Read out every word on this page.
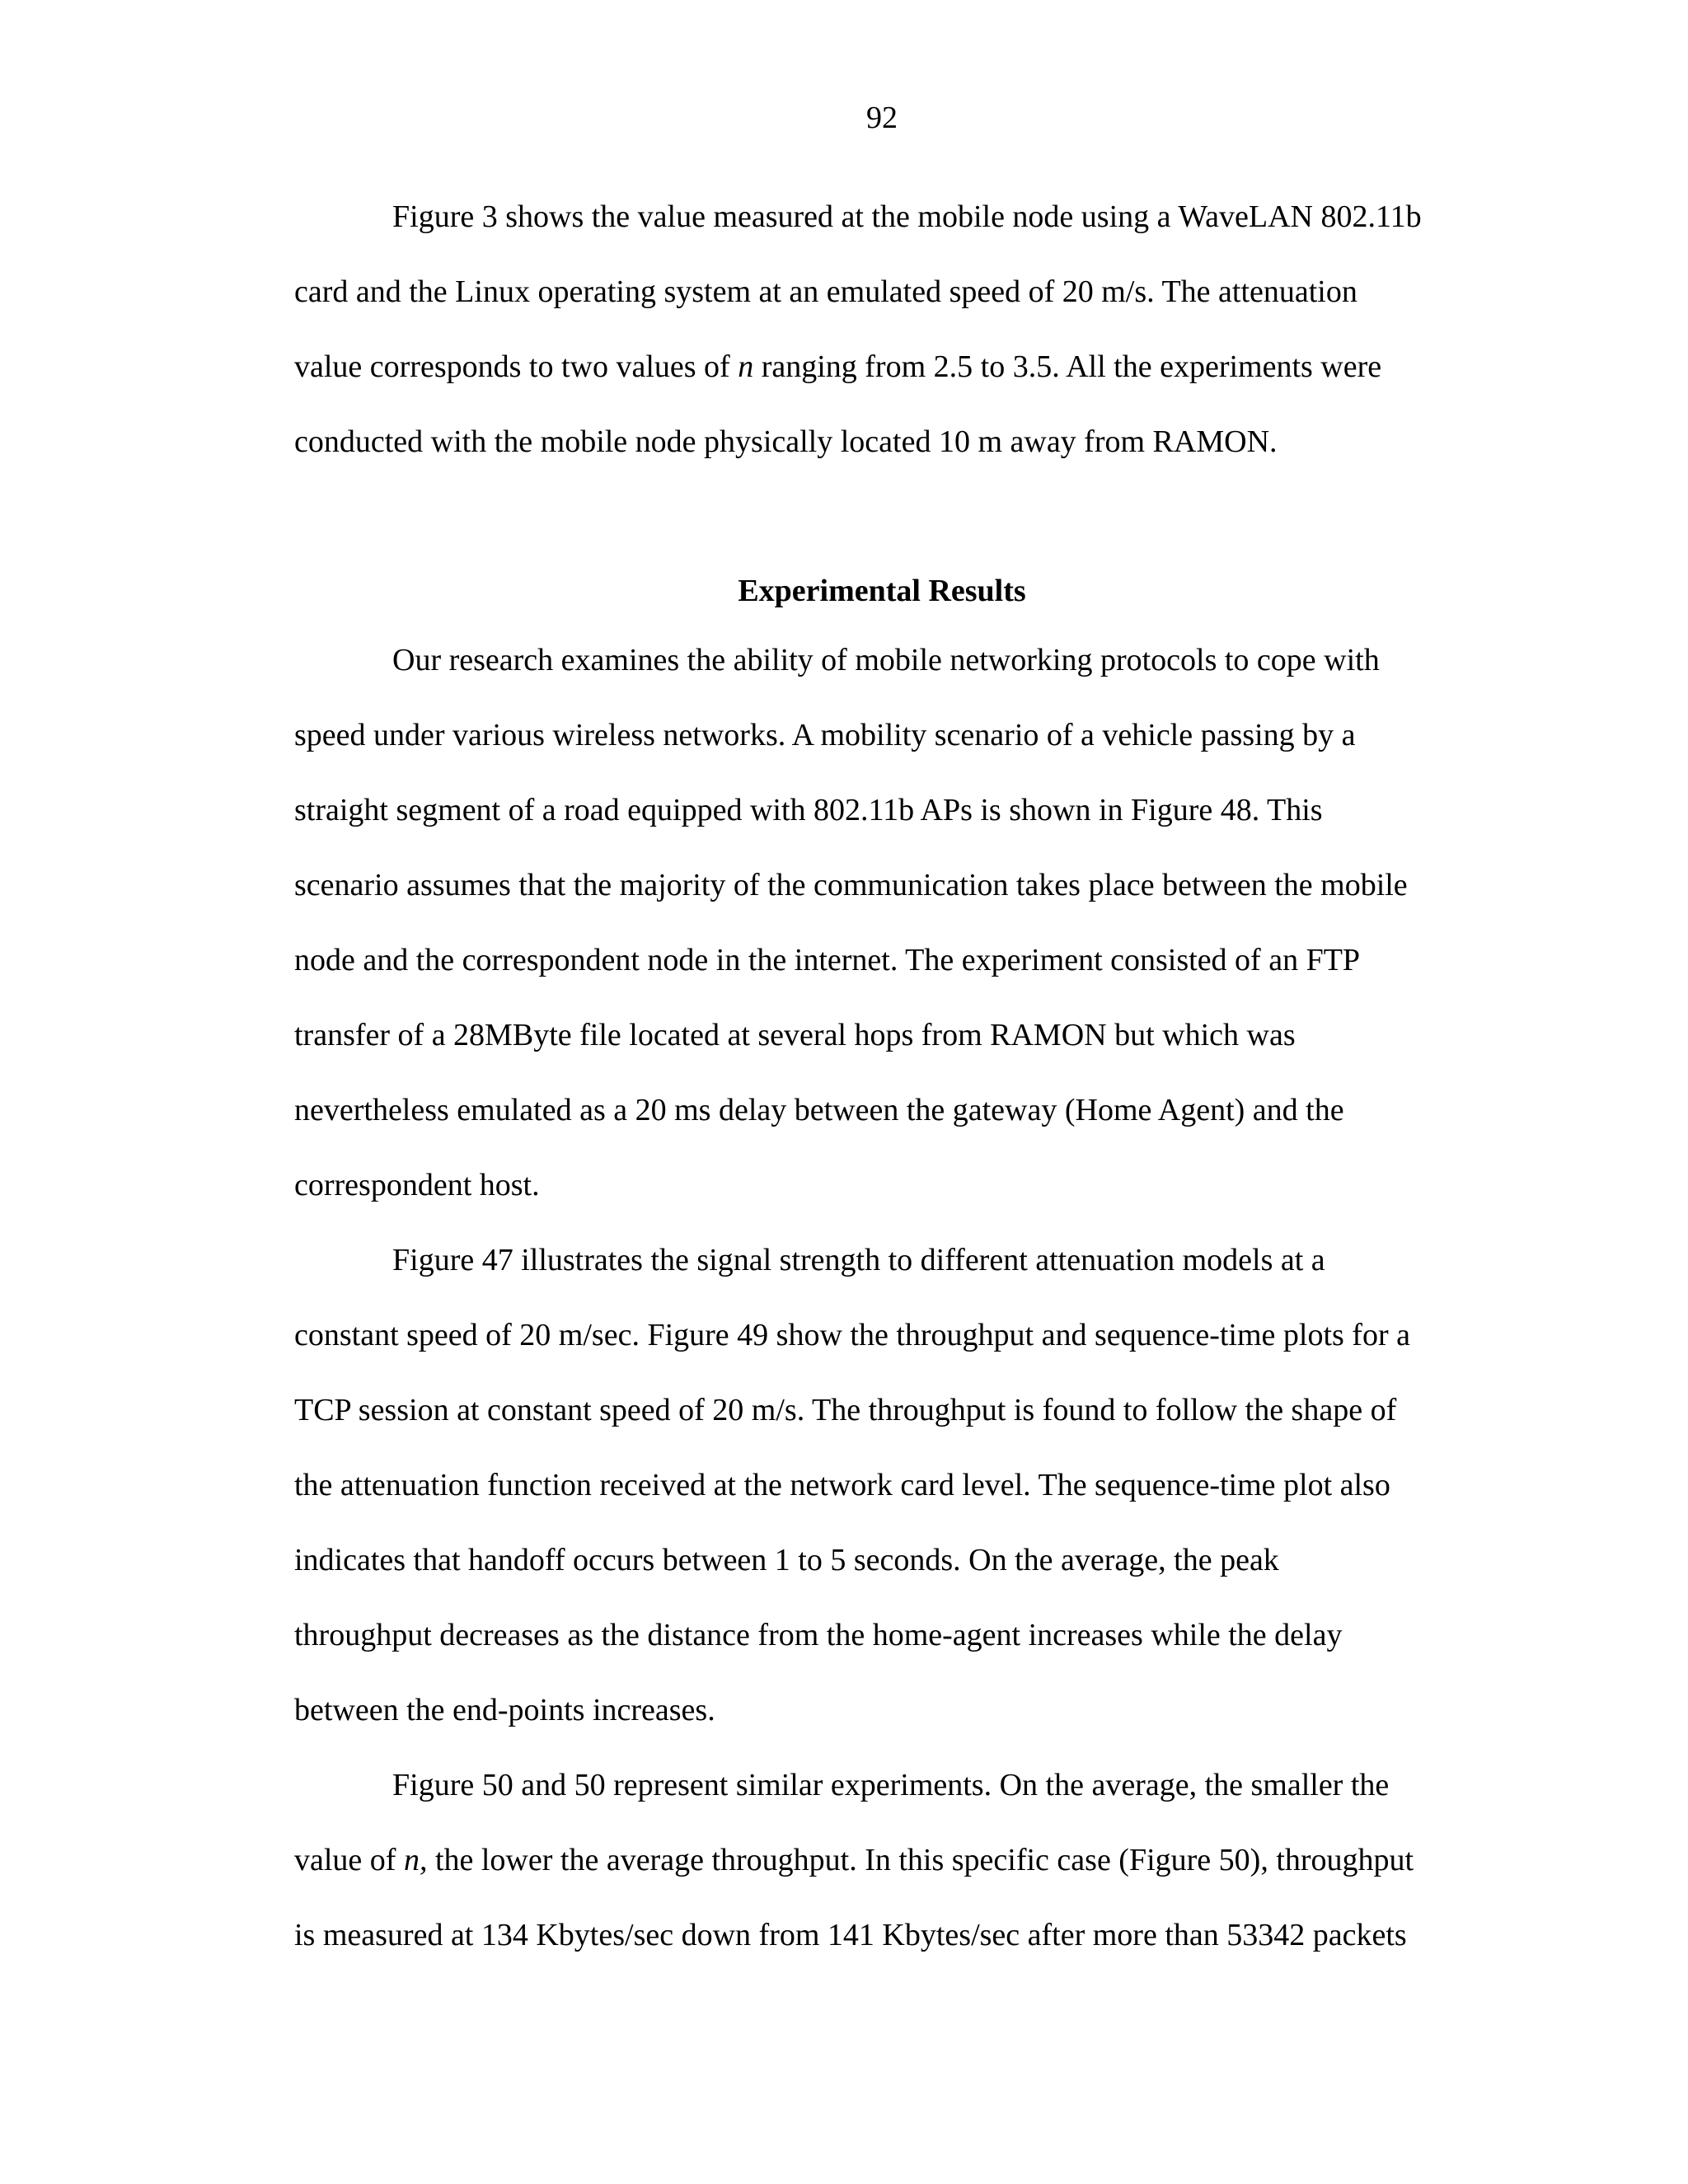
92
Figure 3 shows the value measured at the mobile node using a WaveLAN 802.11b
card and the Linux operating system at an emulated speed of 20 m/s. The attenuation
value corresponds to two values of n ranging from 2.5 to 3.5. All the experiments were
conducted with the mobile node physically located 10 m away from RAMON.
Experimental Results
Our research examines the ability of mobile networking protocols to cope with
speed under various wireless networks. A mobility scenario of a vehicle passing by a
straight segment of a road equipped with 802.11b APs is shown in Figure 48. This
scenario assumes that the majority of the communication takes place between the mobile
node and the correspondent node in the internet. The experiment consisted of an FTP
transfer of a 28MByte file located at several hops from RAMON but which was
nevertheless emulated as a 20 ms delay between the gateway (Home Agent) and the
correspondent host.
Figure 47 illustrates the signal strength to different attenuation models at a
constant speed of 20 m/sec. Figure 49 show the throughput and sequence-time plots for a
TCP session at constant speed of 20 m/s. The throughput is found to follow the shape of
the attenuation function received at the network card level. The sequence-time plot also
indicates that handoff occurs between 1 to 5 seconds. On the average, the peak
throughput decreases as the distance from the home-agent increases while the delay
between the end-points increases.
Figure 50 and 50 represent similar experiments. On the average, the smaller the
value of n, the lower the average throughput. In this specific case (Figure 50), throughput
is measured at 134 Kbytes/sec down from 141 Kbytes/sec after more than 53342 packets
